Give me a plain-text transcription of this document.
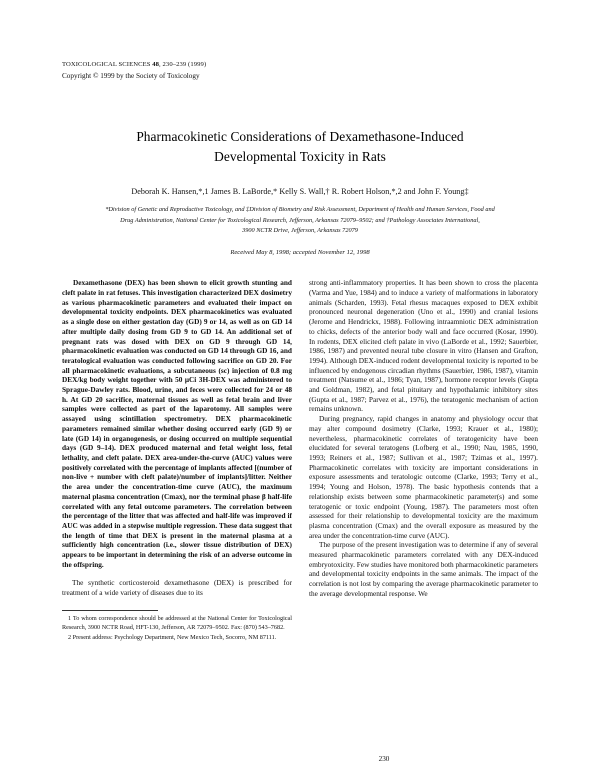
TOXICOLOGICAL SCIENCES 48, 230–239 (1999)
Copyright © 1999 by the Society of Toxicology
Pharmacokinetic Considerations of Dexamethasone-Induced
Developmental Toxicity in Rats
Deborah K. Hansen,*,1 James B. LaBorde,* Kelly S. Wall,† R. Robert Holson,*,2 and John F. Young‡
*Division of Genetic and Reproductive Toxicology, and ‡Division of Biometry and Risk Assessment, Department of Health and Human Services, Food and
Drug Administration, National Center for Toxicological Research, Jefferson, Arkansas 72079–9502; and †Pathology Associates International,
3900 NCTR Drive, Jefferson, Arkansas 72079
Received May 8, 1998; accepted November 12, 1998

Dexamethasone (DEX) has been shown to elicit growth stunting and cleft palate in rat fetuses. This investigation characterized DEX dosimetry as various pharmacokinetic parameters and evaluated their impact on developmental toxicity endpoints. DEX pharmacokinetics was evaluated as a single dose on either gestation day (GD) 9 or 14, as well as on GD 14 after multiple daily dosing from GD 9 to GD 14. An additional set of pregnant rats was dosed with DEX on GD 9 through GD 14, pharmacokinetic evaluation was conducted on GD 14 through GD 16, and teratological evaluation was conducted following sacrifice on GD 20. For all pharmacokinetic evaluations, a subcutaneous (sc) injection of 0.8 mg DEX/kg body weight together with 50 μCi 3H-DEX was administered to Sprague-Dawley rats. Blood, urine, and feces were collected for 24 or 48 h. At GD 20 sacrifice, maternal tissues as well as fetal brain and liver samples were collected as part of the laparotomy. All samples were assayed using scintillation spectrometry. DEX pharmacokinetic parameters remained similar whether dosing occurred early (GD 9) or late (GD 14) in organogenesis, or dosing occurred on multiple sequential days (GD 9–14). DEX produced maternal and fetal weight loss, fetal lethality, and cleft palate. DEX area-under-the-curve (AUC) values were positively correlated with the percentage of implants affected [(number of non-live + number with cleft palate)/number of implants]/litter. Neither the area under the concentration-time curve (AUC), the maximum maternal plasma concentration (Cmax), nor the terminal phase β half-life correlated with any fetal outcome parameters. The correlation between the percentage of the litter that was affected and half-life was improved if AUC was added in a stepwise multiple regression. These data suggest that the length of time that DEX is present in the maternal plasma at a sufficiently high concentration (i.e., slower tissue distribution of DEX) appears to be important in determining the risk of an adverse outcome in the offspring.

The synthetic corticosteroid dexamethasone (DEX) is prescribed for treatment of a wide variety of diseases due to its

1 To whom correspondence should be addressed at the National Center for Toxicological Research, 3900 NCTR Road, HFT-130, Jefferson, AR 72079–9502. Fax: (870) 543–7682.
2 Present address: Psychology Department, New Mexico Tech, Socorro, NM 87111.

strong anti-inflammatory properties. It has been shown to cross the placenta (Varma and Yue, 1984) and to induce a variety of malformations in laboratory animals (Scharden, 1993). Fetal rhesus macaques exposed to DEX exhibit pronounced neuronal degeneration (Uno et al., 1990) and cranial lesions (Jerome and Hendrickx, 1988). Following intraamniotic DEX administration to chicks, defects of the anterior body wall and face occurred (Kosar, 1990). In rodents, DEX elicited cleft palate in vivo (LaBorde et al., 1992; Sauerbier, 1986, 1987) and prevented neural tube closure in vitro (Hansen and Grafton, 1994). Although DEX-induced rodent developmental toxicity is reported to be influenced by endogenous circadian rhythms (Sauerbier, 1986, 1987), vitamin treatment (Natsume et al., 1986; Tyan, 1987), hormone receptor levels (Gupta and Goldman, 1982), and fetal pituitary and hypothalamic inhibitory sites (Gupta et al., 1987; Parvez et al., 1976), the teratogenic mechanism of action remains unknown.

During pregnancy, rapid changes in anatomy and physiology occur that may alter compound dosimetry (Clarke, 1993; Krauer et al., 1980); nevertheless, pharmacokinetic correlates of teratogenicity have been elucidated for several teratogens (Lofberg et al., 1990; Nau, 1985, 1990, 1993; Reiners et al., 1987; Sullivan et al., 1987; Tzimas et al., 1997). Pharmacokinetic correlates with toxicity are important considerations in exposure assessments and teratologic outcome (Clarke, 1993; Terry et al., 1994; Young and Holson, 1978). The basic hypothesis contends that a relationship exists between some pharmacokinetic parameter(s) and some teratogenic or toxic endpoint (Young, 1987). The parameters most often assessed for their relationship to developmental toxicity are the maximum plasma concentration (Cmax) and the overall exposure as measured by the area under the concentration-time curve (AUC).

The purpose of the present investigation was to determine if any of several measured pharmacokinetic parameters correlated with any DEX-induced embryotoxicity. Few studies have monitored both pharmacokinetic parameters and developmental toxicity endpoints in the same animals. The impact of the correlation is not lost by comparing the average pharmacokinetic parameter to the average developmental response. We

230
